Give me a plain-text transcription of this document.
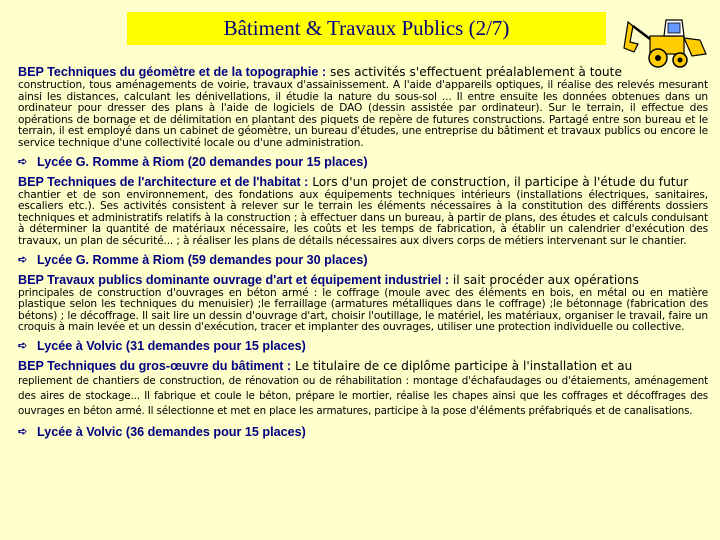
Bâtiment & Travaux Publics (2/7)
BEP Techniques du géomètre et de la topographie : ses activités s'effectuent préalablement à toute
construction, tous aménagements de voirie, travaux d'assainissement. A l'aide d'appareils optiques, il réalise des relevés mesurant ainsi les distances, calculant les dénivellations, il étudie la nature du sous-sol ... Il entre ensuite les données obtenues dans un ordinateur pour dresser des plans à l'aide de logiciels de DAO (dessin assistée par ordinateur). Sur le terrain, il effectue des opérations de bornage et de délimitation en plantant des piquets de repère de futures constructions. Partagé entre son bureau et le terrain, il est employé dans un cabinet de géomètre, un bureau d'études, une entreprise du bâtiment et travaux publics ou encore le service technique d'une collectivité locale ou d'une administration.
➪ Lycée G. Romme à Riom (20 demandes pour 15 places)
BEP Techniques de l'architecture et de l'habitat : Lors d'un projet de construction, il participe à l'étude du futur
chantier et de son environnement, des fondations aux équipements techniques intérieurs (installations électriques, sanitaires, escaliers etc.). Ses activités consistent à relever sur le terrain les éléments nécessaires à la constitution des différents dossiers techniques et administratifs relatifs à la construction ; à effectuer dans un bureau, à partir de plans, des études et calculs conduisant à déterminer la quantité de matériaux nécessaire, les coûts et les temps de fabrication, à établir un calendrier d'exécution des travaux, un plan de sécurité... ; à réaliser les plans de détails nécessaires aux divers corps de métiers intervenant sur le chantier.
➪ Lycée G. Romme à Riom (59 demandes pour 30 places)
BEP Travaux publics dominante ouvrage d'art et équipement industriel : il sait procéder aux opérations
principales de construction d'ouvrages en béton armé : le coffrage (moule avec des éléments en bois, en métal ou en matière plastique selon les techniques du menuisier) ;le ferraillage (armatures métalliques dans le coffrage) ;le bétonnage (fabrication des bétons) ; le décoffrage. Il sait lire un dessin d'ouvrage d'art, choisir l'outillage, le matériel, les matériaux, organiser le travail, faire un croquis à main levée et un dessin d'exécution, tracer et implanter des ouvrages, utiliser une protection individuelle ou collective.
➪ Lycée à Volvic (31 demandes pour 15 places)
BEP Techniques du gros-œuvre du bâtiment : Le titulaire de ce diplôme participe à l'installation et au
repliement de chantiers de construction, de rénovation ou de réhabilitation : montage d'échafaudages ou d'étaiements, aménagement des aires de stockage... Il fabrique et coule le béton, prépare le mortier, réalise les chapes ainsi que les coffrages et décoffrages des ouvrages en béton armé. Il sélectionne et met en place les armatures, participe à la pose d'éléments préfabriqués et de canalisations.
➪ Lycée à Volvic (36 demandes pour 15 places)
